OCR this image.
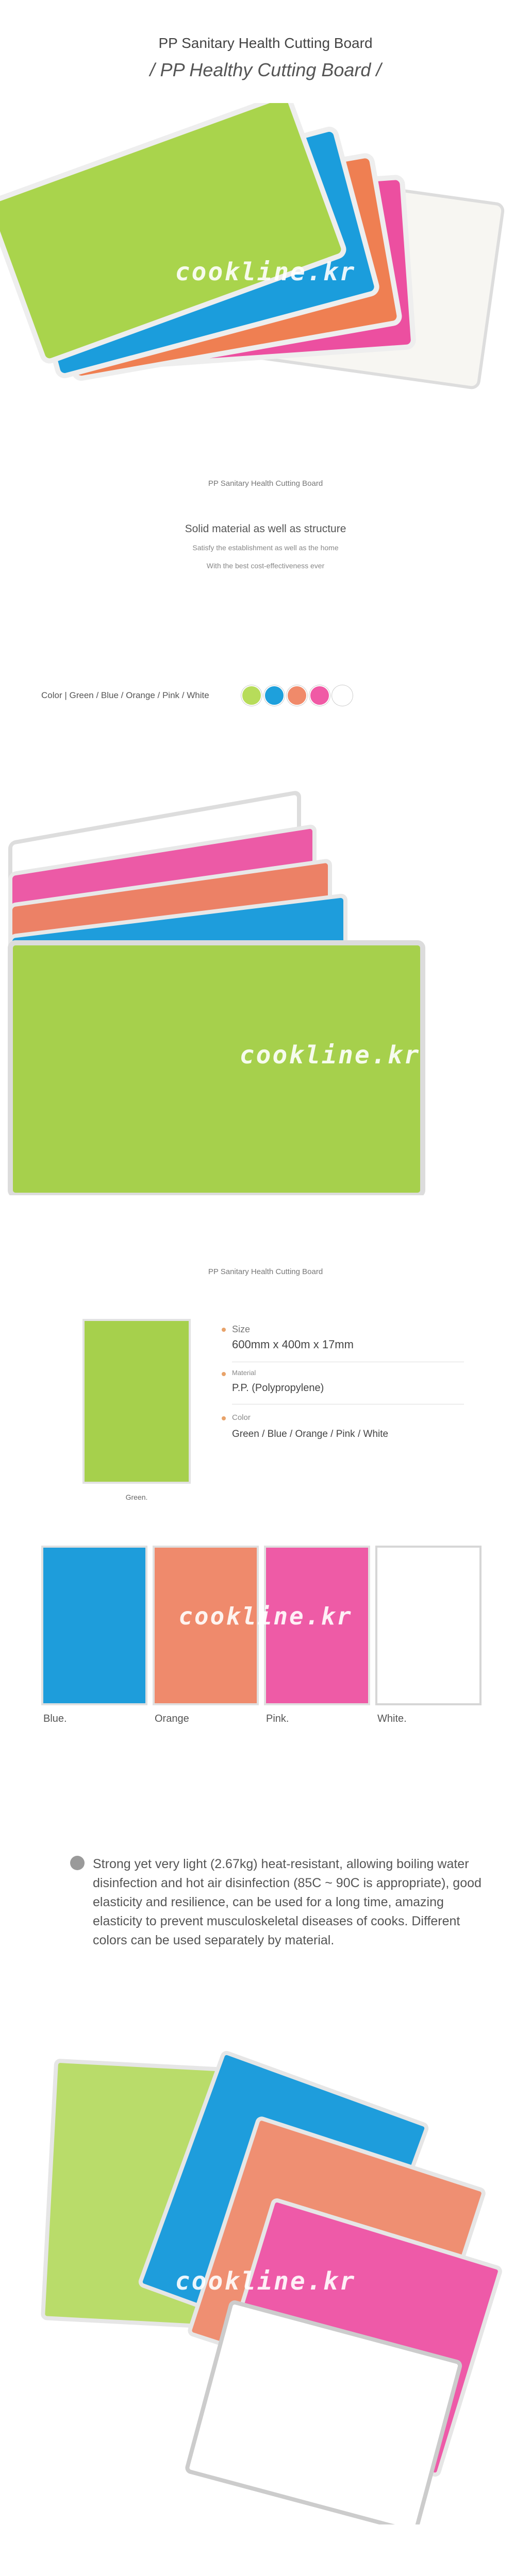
PP Sanitary Health Cutting Board
/ PP Healthy Cutting Board /
cookline.kr
PP Sanitary Health Cutting Board
Solid material as well as structure
Satisfy the establishment as well as the home
With the best cost-effectiveness ever
Color | Green / Blue / Orange / Pink / White
cookline.kr
PP Sanitary Health Cutting Board
Green.
Size
600mm x 400m x 17mm
Material
P.P. (Polypropylene)
Color
Green / Blue / Orange / Pink / White
cookline.kr
Blue.	Orange	Pink.	White.
Strong yet very light (2.67kg) heat-resistant, allowing boiling water disinfection and hot air disinfection (85C ~ 90C is appropriate), good elasticity and resilience, can be used for a long time, amazing elasticity to prevent musculoskeletal diseases of cooks. Different colors can be used separately by material.
cookline.kr
